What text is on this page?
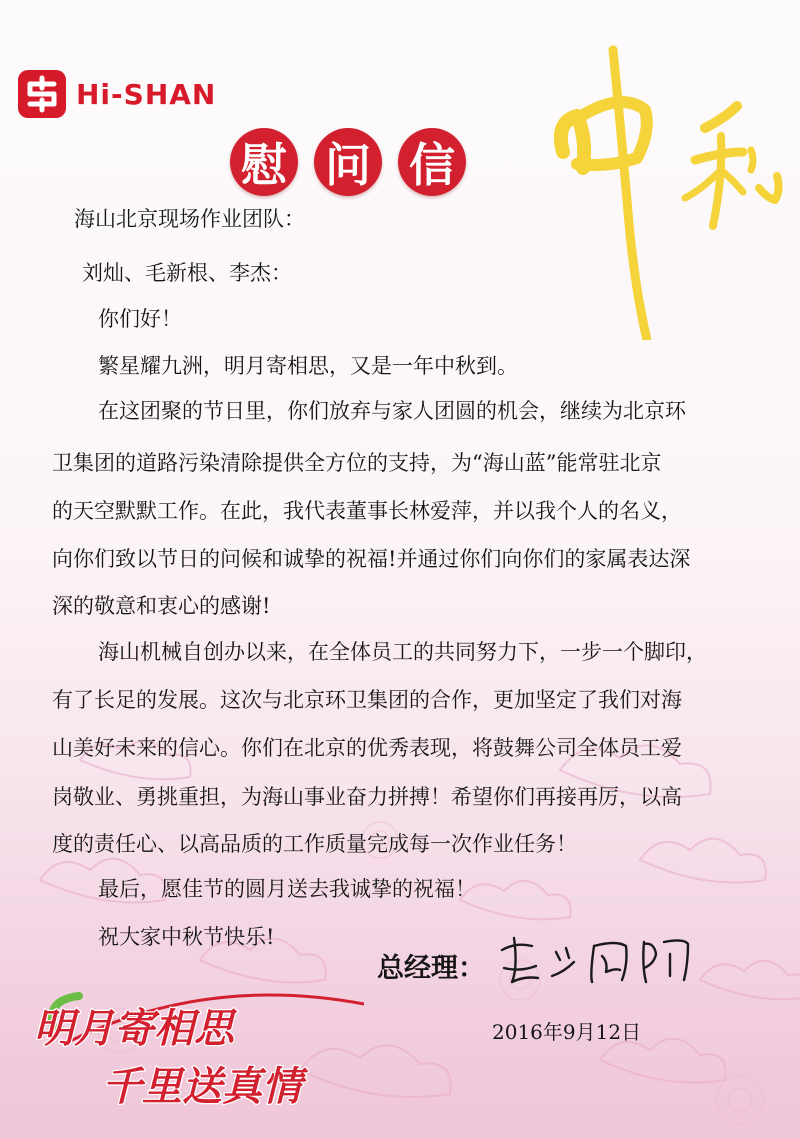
Hi-SHAN
慰 问 信
海山北京现场作业团队：
刘灿、毛新根、李杰：
你们好！
繁星耀九洲，明月寄相思，又是一年中秋到。
在这团聚的节日里，你们放弃与家人团圆的机会，继续为北京环
卫集团的道路污染清除提供全方位的支持，为“海山蓝”能常驻北京
的天空默默工作。在此，我代表董事长林爱萍，并以我个人的名义，
向你们致以节日的问候和诚挚的祝福!并通过你们向你们的家属表达深
深的敬意和衷心的感谢!
海山机械自创办以来，在全体员工的共同努力下，一步一个脚印，
有了长足的发展。这次与北京环卫集团的合作，更加坚定了我们对海
山美好未来的信心。你们在北京的优秀表现，将鼓舞公司全体员工爱
岗敬业、勇挑重担，为海山事业奋力拼搏！希望你们再接再厉，以高
度的责任心、以高品质的工作质量完成每一次作业任务！
最后，愿佳节的圆月送去我诚挚的祝福！
祝大家中秋节快乐!
总经理：
2016年9月12日
明月寄相思
千里送真情
